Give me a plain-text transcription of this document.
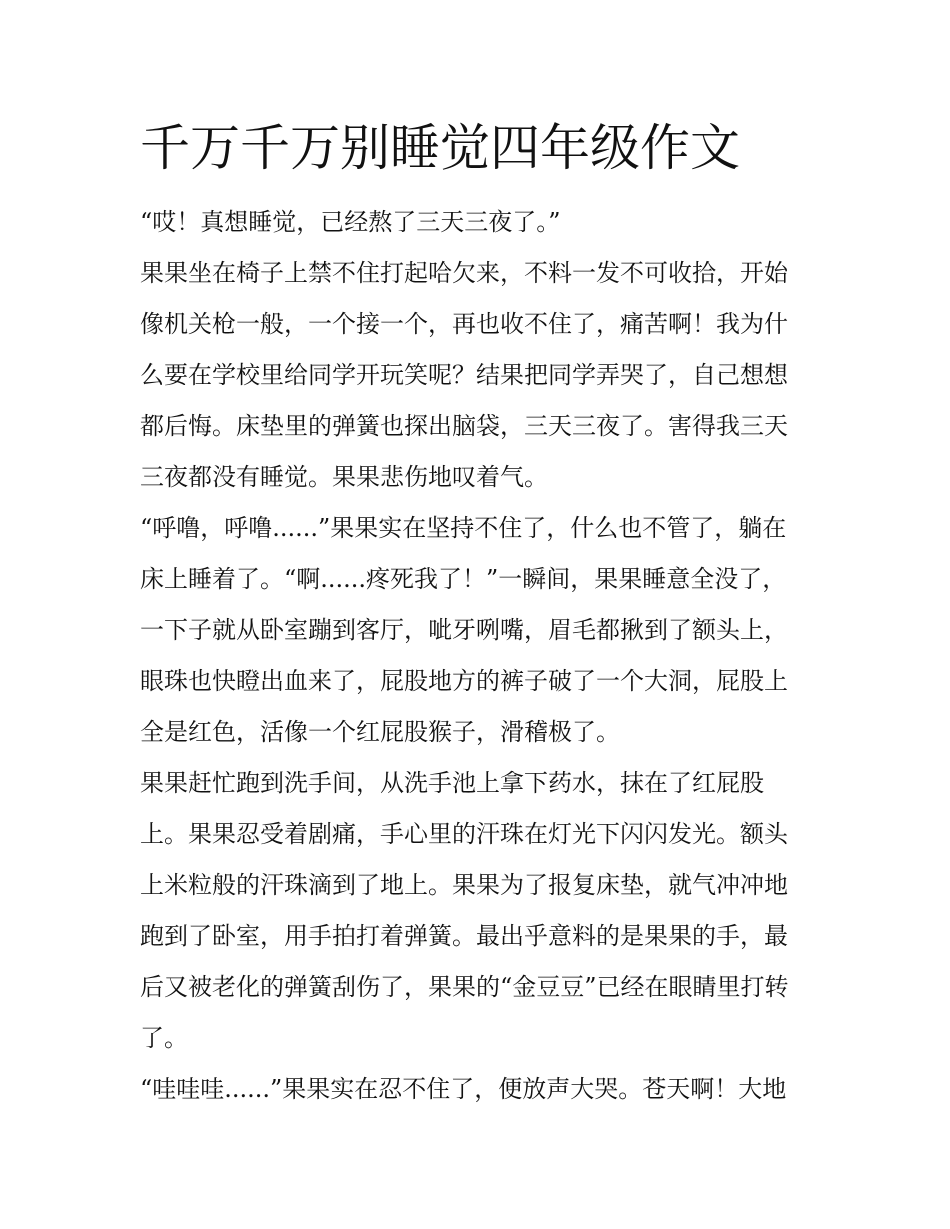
千万千万别睡觉四年级作文

“哎！真想睡觉，已经熬了三天三夜了。”

果果坐在椅子上禁不住打起哈欠来，不料一发不可收拾，开始

像机关枪一般，一个接一个，再也收不住了，痛苦啊！我为什

么要在学校里给同学开玩笑呢？结果把同学弄哭了，自己想想

都后悔。床垫里的弹簧也探出脑袋，三天三夜了。害得我三天

三夜都没有睡觉。果果悲伤地叹着气。

“呼噜，呼噜......”果果实在坚持不住了，什么也不管了，躺在

床上睡着了。“啊......疼死我了！”一瞬间，果果睡意全没了，

一下子就从卧室蹦到客厅，呲牙咧嘴，眉毛都揪到了额头上，

眼珠也快瞪出血来了，屁股地方的裤子破了一个大洞，屁股上

全是红色，活像一个红屁股猴子，滑稽极了。

果果赶忙跑到洗手间，从洗手池上拿下药水，抹在了红屁股

上。果果忍受着剧痛，手心里的汗珠在灯光下闪闪发光。额头

上米粒般的汗珠滴到了地上。果果为了报复床垫，就气冲冲地

跑到了卧室，用手拍打着弹簧。最出乎意料的是果果的手，最

后又被老化的弹簧刮伤了，果果的“金豆豆”已经在眼睛里打转

了。

“哇哇哇......”果果实在忍不住了，便放声大哭。苍天啊！大地
